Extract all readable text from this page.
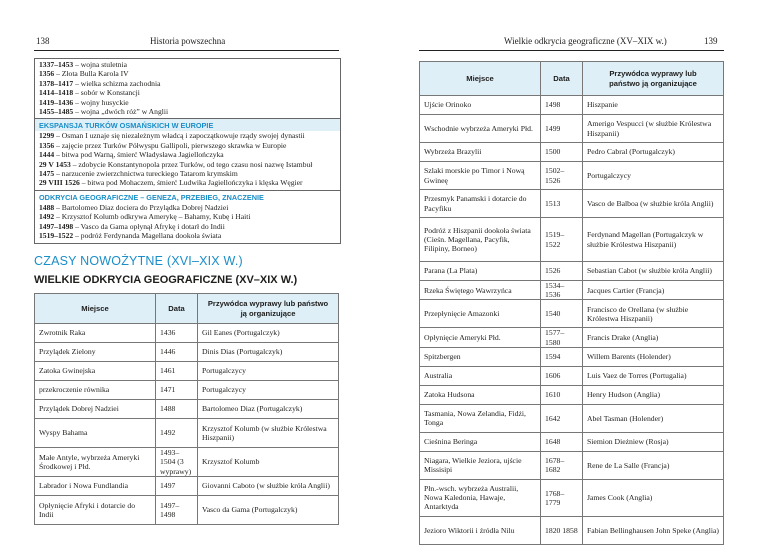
138	Historia powszechna
1337–1453 – wojna stuletnia
1356 – Złota Bulla Karola IV
1378–1417 – wielka schizma zachodnia
1414–1418 – sobór w Konstancji
1419–1436 – wojny husyckie
1455–1485 – wojna „dwóch róż” w Anglii
EKSPANSJA TURKÓW OSMAŃSKICH W EUROPIE
1299 – Osman I uznaje się niezależnym władcą i zapoczątkowuje rządy swojej dynastii
1356 – zajęcie przez Turków Półwyspu Gallipoli, pierwszego skrawka w Europie
1444 – bitwa pod Warną, śmierć Władysława Jagiellończyka
29 V 1453 – zdobycie Konstantynopola przez Turków, od tego czasu nosi nazwę Istambuł
1475 – narzucenie zwierzchnictwa tureckiego Tatarom krymskim
29 VIII 1526 – bitwa pod Mohaczem, śmierć Ludwika Jagiellończyka i klęska Węgier
ODKRYCIA GEOGRAFICZNE – GENEZA, PRZEBIEG, ZNACZENIE
1488 – Bartolomeo Diaz dociera do Przylądka Dobrej Nadziei
1492 – Krzysztof Kolumb odkrywa Amerykę – Bahamy, Kubę i Haiti
1497–1498 – Vasco da Gama opłynął Afrykę i dotarł do Indii
1519–1522 – podróż Ferdynanda Magellana dookoła świata
CZASY NOWOŻYTNE (XVI–XIX W.)
WIELKIE ODKRYCIA GEOGRAFICZNE (XV–XIX W.)
Miejsce	Data	Przywódca wyprawy lub państwo ją organizujące
Zwrotnik Raka	1436	Gil Eanes (Portugalczyk)
Przylądek Zielony	1446	Dinis Dias (Portugalczyk)
Zatoka Gwinejska	1461	Portugalczycy
przekroczenie równika	1471	Portugalczycy
Przylądek Dobrej Nadziei	1488	Bartolomeo Diaz (Portugalczyk)
Wyspy Bahama	1492	Krzysztof Kolumb (w służbie Królestwa Hiszpanii)
Małe Antyle, wybrzeża Ameryki Środkowej i Płd.	1493–1504 (3 wyprawy)	Krzysztof Kolumb
Labrador i Nowa Fundlandia	1497	Giovanni Caboto (w służbie króla Anglii)
Opłynięcie Afryki i dotarcie do Indii	1497–1498	Vasco da Gama (Portugalczyk)
Wielkie odkrycia geograficzne (XV–XIX w.)	139
Miejsce	Data	Przywódca wyprawy lub państwo ją organizujące
Ujście Orinoko	1498	Hiszpanie
Wschodnie wybrzeża Ameryki Płd.	1499	Amerigo Vespucci (w służbie Królestwa Hiszpanii)
Wybrzeża Brazylii	1500	Pedro Cabral (Portugalczyk)
Szlaki morskie po Timor i Nową Gwineę	1502–1526	Portugalczycy
Przesmyk Panamski i dotarcie do Pacyfiku	1513	Vasco de Balboa (w służbie króla Anglii)
Podróż z Hiszpanii dookoła świata (Cieśn. Magellana, Pacyfik, Filipiny, Borneo)	1519–1522	Ferdynand Magellan (Portugalczyk w służbie Królestwa Hiszpanii)
Parana (La Plata)	1526	Sebastian Cabot (w służbie króla Anglii)
Rzeka Świętego Wawrzyńca	1534–1536	Jacques Cartier (Francja)
Przepłynięcie Amazonki	1540	Francisco de Orellana (w służbie Królestwa Hiszpanii)
Opłynięcie Ameryki Płd.	1577–1580	Francis Drake (Anglia)
Spitzbergen	1594	Willem Barents (Holender)
Australia	1606	Luis Vaez de Torres (Portugalia)
Zatoka Hudsona	1610	Henry Hudson (Anglia)
Tasmania, Nowa Zelandia, Fidżi, Tonga	1642	Abel Tasman (Holender)
Cieśnina Beringa	1648	Siemion Dieżniew (Rosja)
Niagara, Wielkie Jeziora, ujście Missisipi	1678–1682	Rene de La Salle (Francja)
Płn.-wsch. wybrzeża Australii, Nowa Kaledonia, Hawaje, Antarktyda	1768–1779	James Cook (Anglia)
Jezioro Wiktorii i źródła Nilu	1820 1858	Fabian Bellinghausen John Speke (Anglia)
